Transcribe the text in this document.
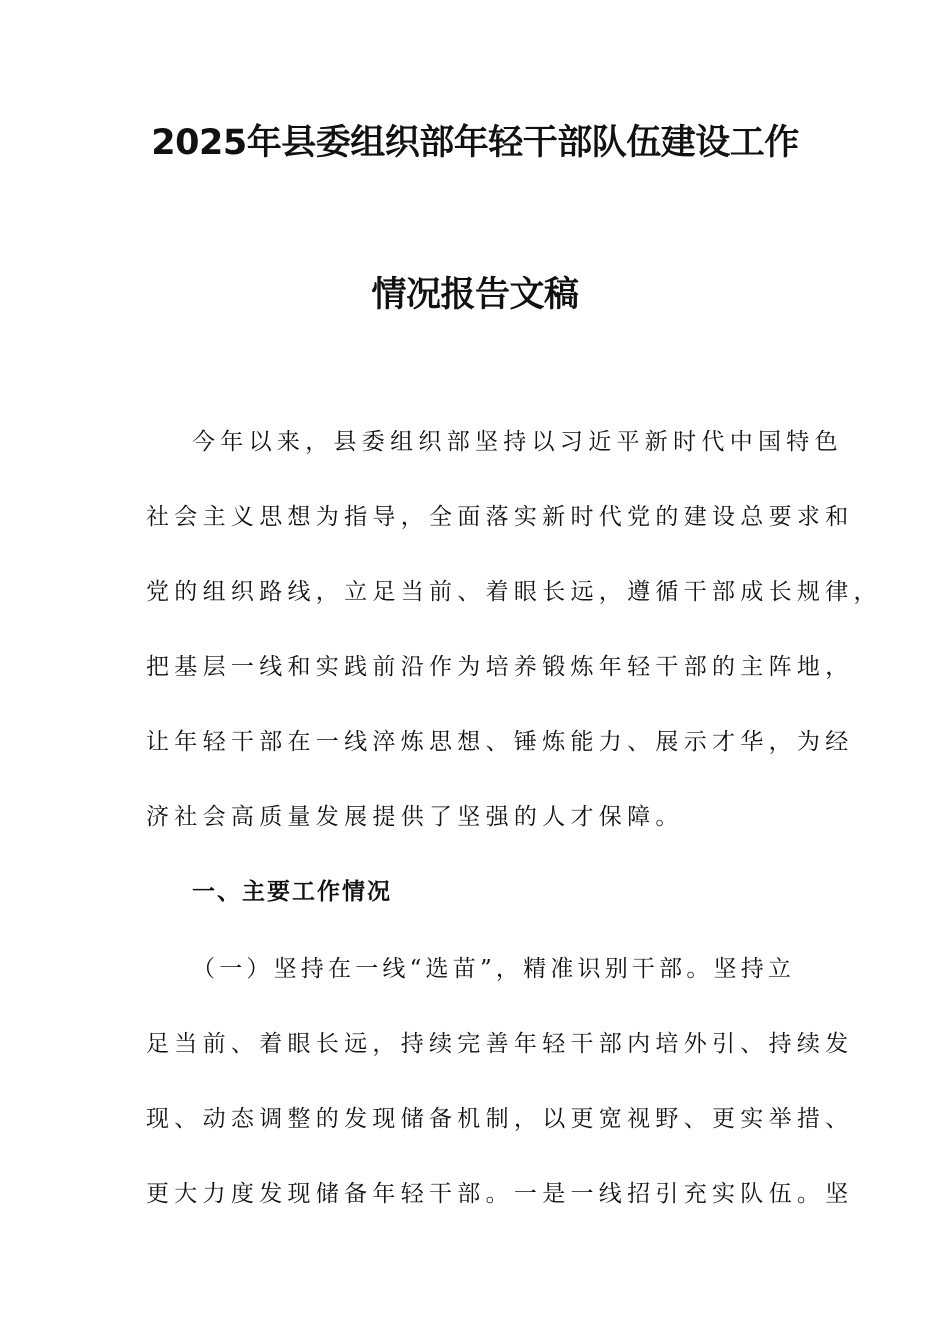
2025年县委组织部年轻干部队伍建设工作
情况报告文稿
今年以来，县委组织部坚持以习近平新时代中国特色
社会主义思想为指导，全面落实新时代党的建设总要求和
党的组织路线，立足当前、着眼长远，遵循干部成长规律，
把基层一线和实践前沿作为培养锻炼年轻干部的主阵地，
让年轻干部在一线淬炼思想、锤炼能力、展示才华，为经
济社会高质量发展提供了坚强的人才保障。
一、主要工作情况
（一）坚持在一线“选苗”，精准识别干部。坚持立
足当前、着眼长远，持续完善年轻干部内培外引、持续发
现、动态调整的发现储备机制，以更宽视野、更实举措、
更大力度发现储备年轻干部。一是一线招引充实队伍。坚
